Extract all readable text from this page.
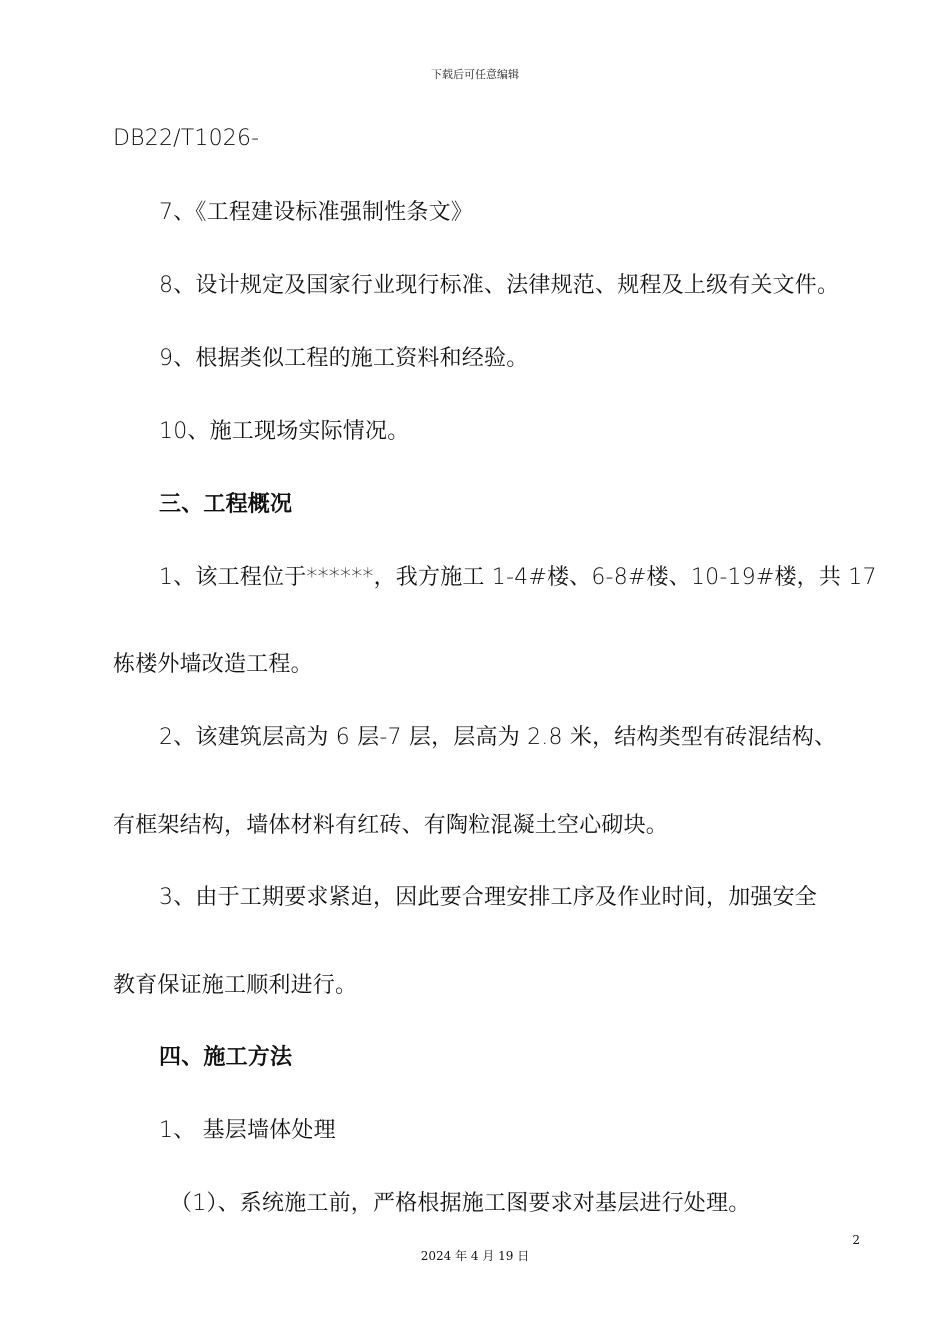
下载后可任意编辑
DB22/T1026-
7、《工程建设标准强制性条文》
8、设计规定及国家行业现行标准、法律规范、规程及上级有关文件。
9、根据类似工程的施工资料和经验。
10、施工现场实际情况。
三、工程概况
1、该工程位于******，我方施工 1-4#楼、6-8#楼、10-19#楼，共 17
栋楼外墙改造工程。
2、该建筑层高为 6 层-7 层，层高为 2.8 米，结构类型有砖混结构、
有框架结构，墙体材料有红砖、有陶粒混凝土空心砌块。
3、由于工期要求紧迫，因此要合理安排工序及作业时间，加强安全
教育保证施工顺利进行。
四、施工方法
1、 基层墙体处理
（1）、系统施工前，严格根据施工图要求对基层进行处理。
2
2024 年 4 月 19 日
